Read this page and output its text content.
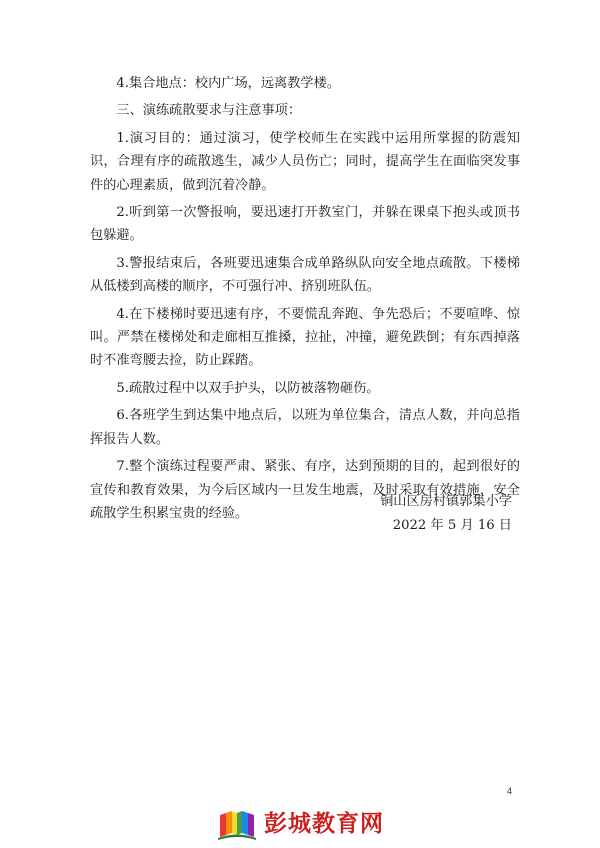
4.集合地点：校内广场，远离教学楼。

三、演练疏散要求与注意事项：

1.演习目的：通过演习，使学校师生在实践中运用所掌握的防震知识，合理有序的疏散逃生，减少人员伤亡；同时，提高学生在面临突发事件的心理素质，做到沉着冷静。

2.听到第一次警报响，要迅速打开教室门，并躲在课桌下抱头或顶书包躲避。

3.警报结束后，各班要迅速集合成单路纵队向安全地点疏散。下楼梯从低楼到高楼的顺序，不可强行冲、挤别班队伍。

4.在下楼梯时要迅速有序，不要慌乱奔跑、争先恐后；不要喧哗、惊叫。严禁在楼梯处和走廊相互推搡，拉扯，冲撞，避免跌倒；有东西掉落时不准弯腰去捡，防止踩踏。

5.疏散过程中以双手护头，以防被落物砸伤。

6.各班学生到达集中地点后，以班为单位集合，清点人数，并向总指挥报告人数。

7.整个演练过程要严肃、紧张、有序，达到预期的目的，起到很好的宣传和教育效果，为今后区域内一旦发生地震，及时采取有效措施，安全疏散学生积累宝贵的经验。

铜山区房村镇郭集小学
2022 年 5 月 16 日
4
彭城教育网
